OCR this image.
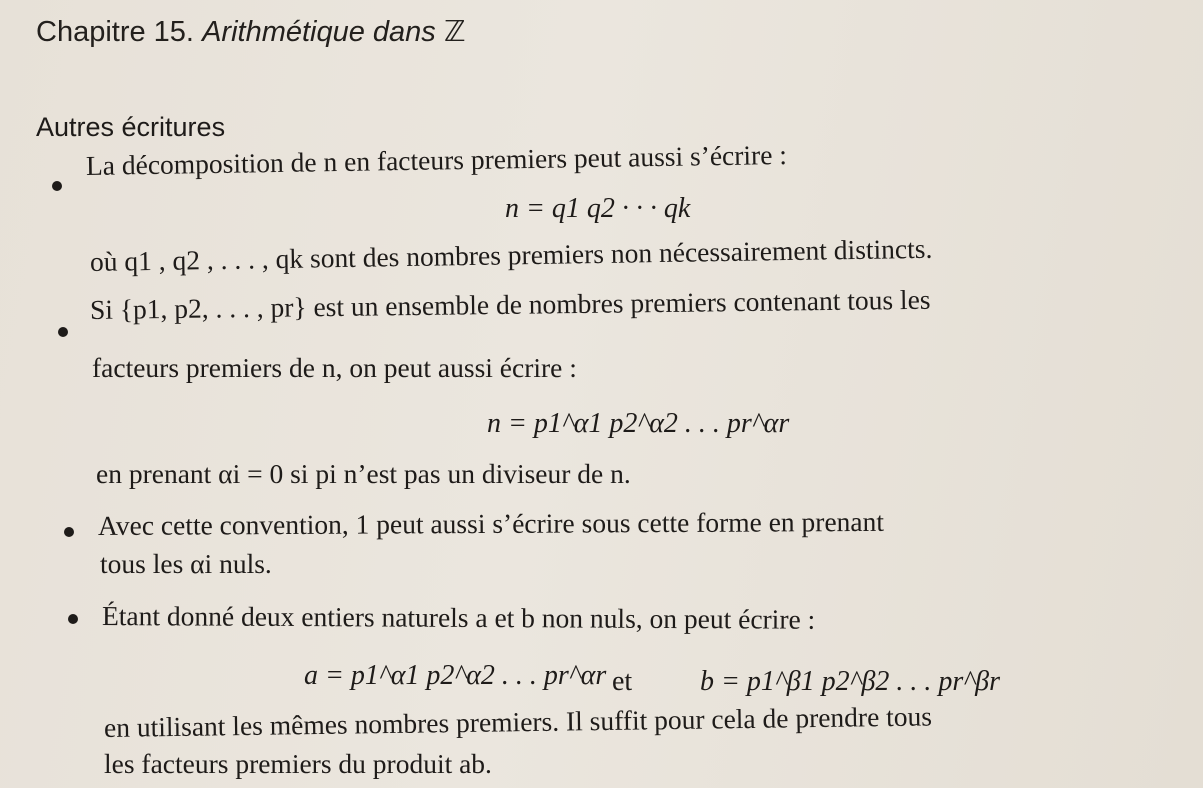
Chapitre 15. Arithmétique dans ℤ
Autres écritures
La décomposition de n en facteurs premiers peut aussi s’écrire :
n = q1 q2 · · · qk
où q1 , q2 , . . . , qk sont des nombres premiers non nécessairement distincts.
Si {p1, p2, . . . , pr} est un ensemble de nombres premiers contenant tous les
facteurs premiers de n, on peut aussi écrire :
n = p1^α1 p2^α2 . . . pr^αr
en prenant αi = 0 si pi n’est pas un diviseur de n.
Avec cette convention, 1 peut aussi s’écrire sous cette forme en prenant
tous les αi nuls.
Étant donné deux entiers naturels a et b non nuls, on peut écrire :
a = p1^α1 p2^α2 . . . pr^αr et b = p1^β1 p2^β2 . . . pr^βr
en utilisant les mêmes nombres premiers. Il suffit pour cela de prendre tous
les facteurs premiers du produit ab.
